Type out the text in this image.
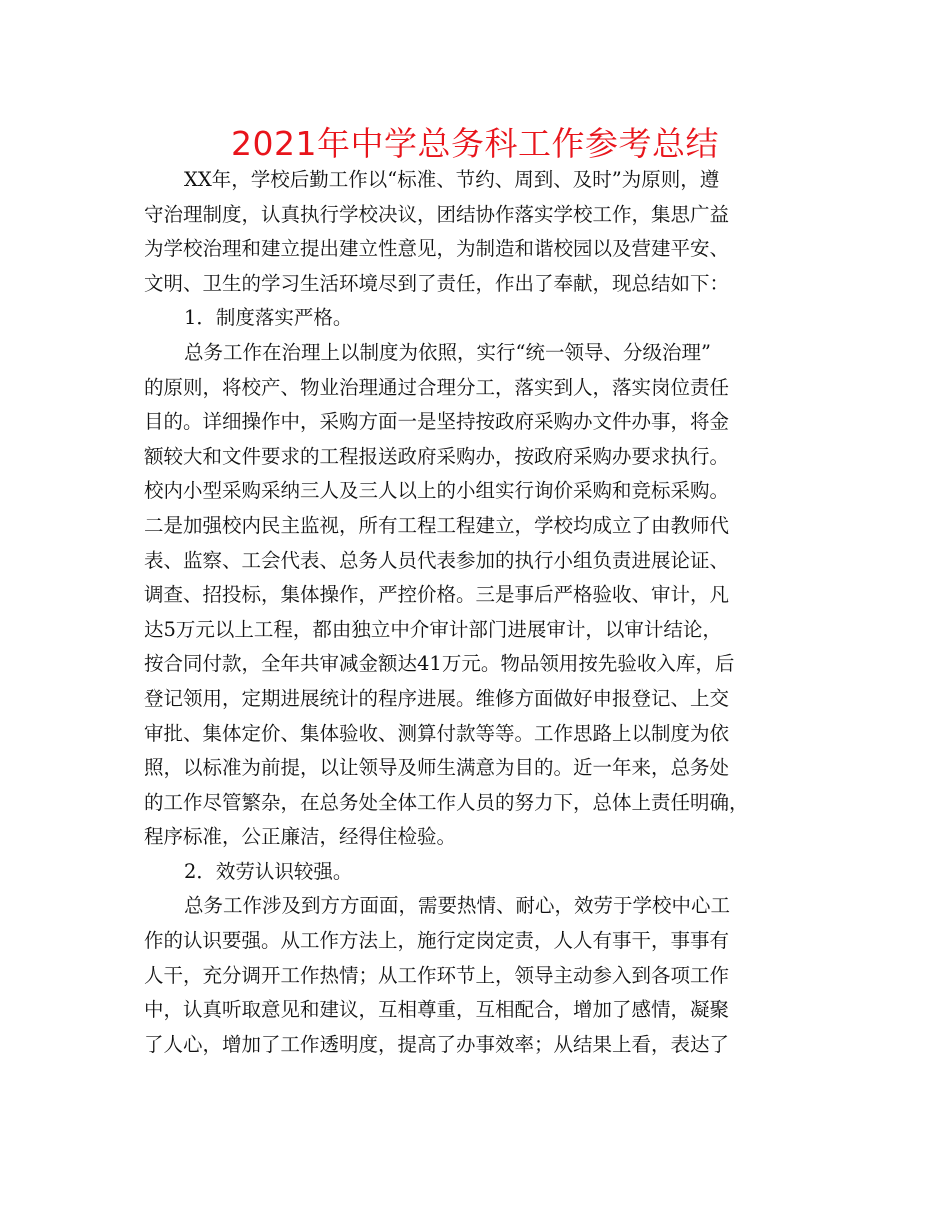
2021年中学总务科工作参考总结
XX年，学校后勤工作以“标准、节约、周到、及时”为原则，遵
守治理制度，认真执行学校决议，团结协作落实学校工作，集思广益
为学校治理和建立提出建立性意见，为制造和谐校园以及营建平安、
文明、卫生的学习生活环境尽到了责任，作出了奉献，现总结如下：
1．制度落实严格。
总务工作在治理上以制度为依照，实行“统一领导、分级治理”
的原则，将校产、物业治理通过合理分工，落实到人，落实岗位责任
目的。详细操作中，采购方面一是坚持按政府采购办文件办事，将金
额较大和文件要求的工程报送政府采购办，按政府采购办要求执行。
校内小型采购采纳三人及三人以上的小组实行询价采购和竞标采购。
二是加强校内民主监视，所有工程工程建立，学校均成立了由教师代
表、监察、工会代表、总务人员代表参加的执行小组负责进展论证、
调查、招投标，集体操作，严控价格。三是事后严格验收、审计，凡
达5万元以上工程，都由独立中介审计部门进展审计，以审计结论，
按合同付款，全年共审减金额达41万元。物品领用按先验收入库，后
登记领用，定期进展统计的程序进展。维修方面做好申报登记、上交
审批、集体定价、集体验收、测算付款等等。工作思路上以制度为依
照，以标准为前提，以让领导及师生满意为目的。近一年来，总务处
的工作尽管繁杂，在总务处全体工作人员的努力下，总体上责任明确，
程序标准，公正廉洁，经得住检验。
2．效劳认识较强。
总务工作涉及到方方面面，需要热情、耐心，效劳于学校中心工
作的认识要强。从工作方法上，施行定岗定责，人人有事干，事事有
人干，充分调开工作热情；从工作环节上，领导主动参入到各项工作
中，认真听取意见和建议，互相尊重，互相配合，增加了感情，凝聚
了人心，增加了工作透明度，提高了办事效率；从结果上看，表达了
